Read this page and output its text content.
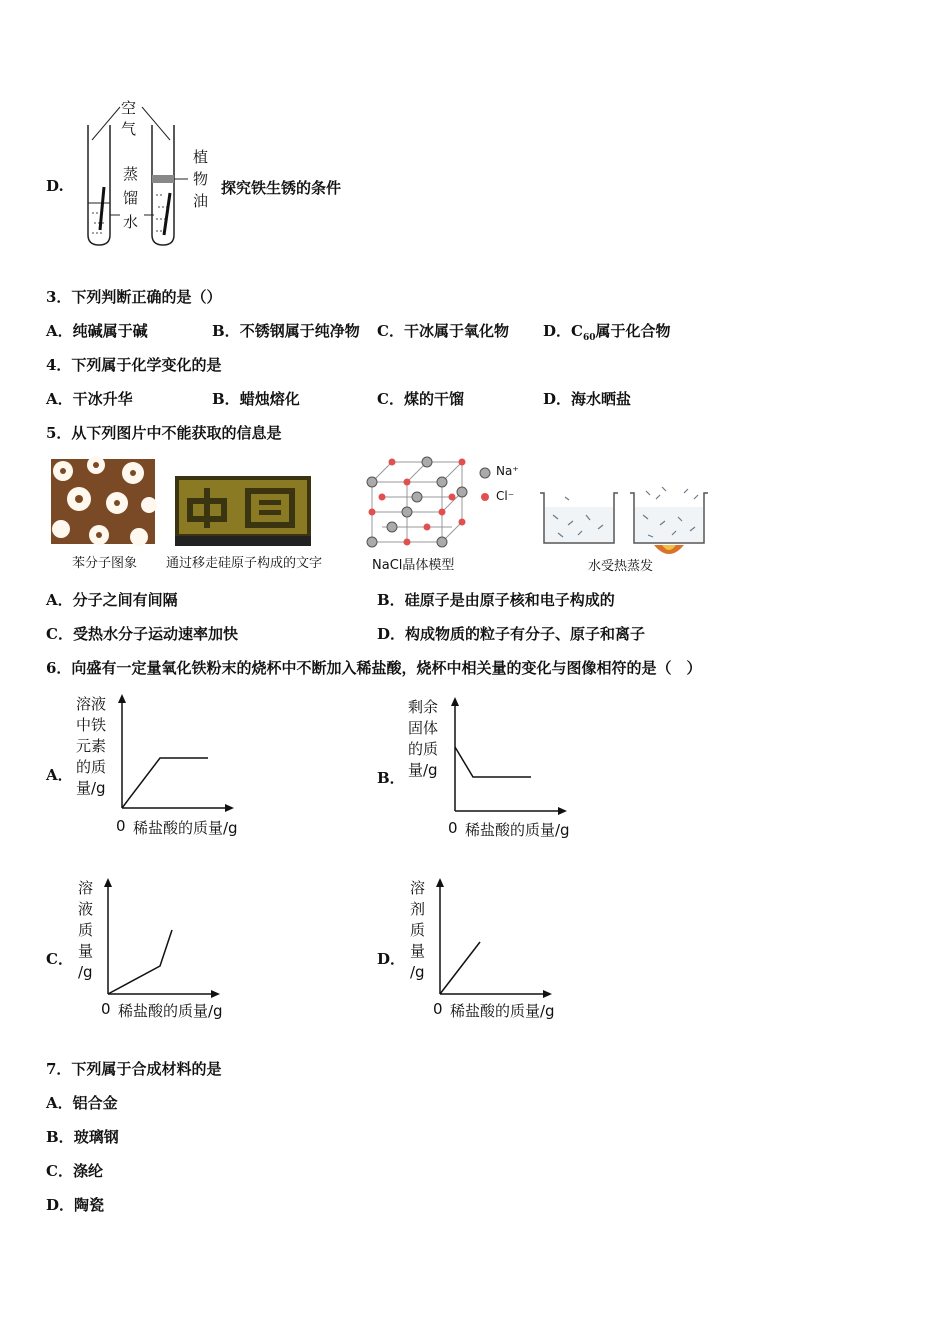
D.
空
气
蒸
馏
水
植
物
油
探究铁生锈的条件
3．下列判断正确的是（）
A．纯碱属于碱	B．不锈钢属于纯净物 C．干冰属于氧化物 D．$C_{60}$属于化合物
4．下列属于化学变化的是
A．干冰升华	B．蜡烛熔化	C．煤的干馏	D．海水晒盐
5．从下列图片中不能获取的信息是
苯分子图象 通过移走硅原子构成的文字
Na⁺
Cl⁻
NaCl晶体模型	水受热蒸发
A．分子之间有间隔	B．硅原子是由原子核和电子构成的
C．受热水分子运动速率加快	D．构成物质的粒子有分子、原子和离子
6．向盛有一定量氧化铁粉末的烧杯中不断加入稀盐酸，烧杯中相关量的变化与图像相符的是（　）
A．
溶液
中铁
元素
的质
量/g
0 稀盐酸的质量/g
B．
剩余
固体
的质
量/g
0 稀盐酸的质量/g
C．
溶
液
质
量
/g
0 稀盐酸的质量/g
D．
溶
剂
质
量
/g
0 稀盐酸的质量/g
7．下列属于合成材料的是
A．铝合金
B．玻璃钢
C．涤纶
D．陶瓷
